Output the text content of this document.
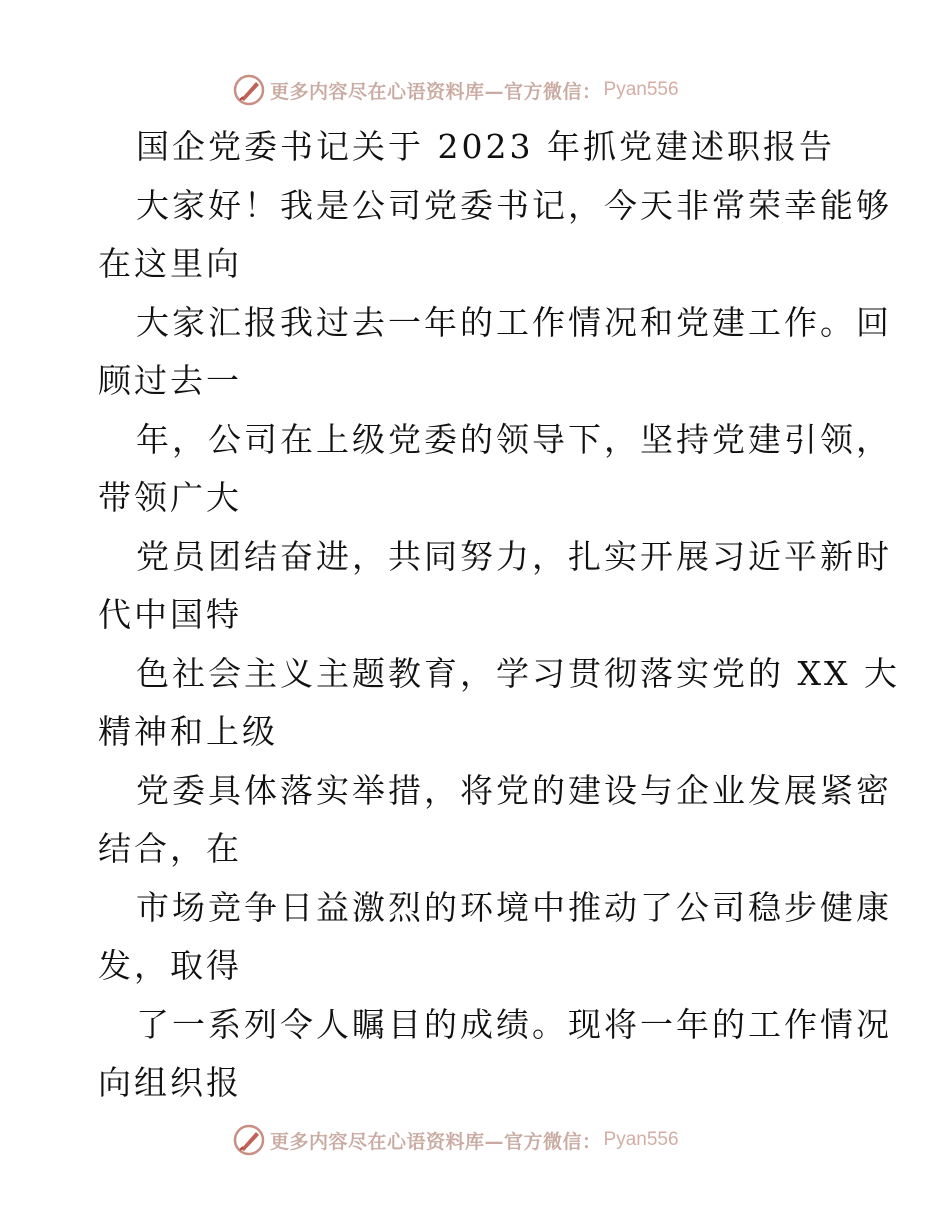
更多内容尽在心语资料库—官方微信： Pyan556
国企党委书记关于 2023 年抓党建述职报告
大家好！我是公司党委书记，今天非常荣幸能够
在这里向
大家汇报我过去一年的工作情况和党建工作。回
顾过去一
年，公司在上级党委的领导下，坚持党建引领，
带领广大
党员团结奋进，共同努力，扎实开展习近平新时
代中国特
色社会主义主题教育，学习贯彻落实党的 XX 大
精神和上级
党委具体落实举措，将党的建设与企业发展紧密
结合，在
市场竞争日益激烈的环境中推动了公司稳步健康
发，取得
了一系列令人瞩目的成绩。现将一年的工作情况
向组织报
更多内容尽在心语资料库—官方微信： Pyan556
